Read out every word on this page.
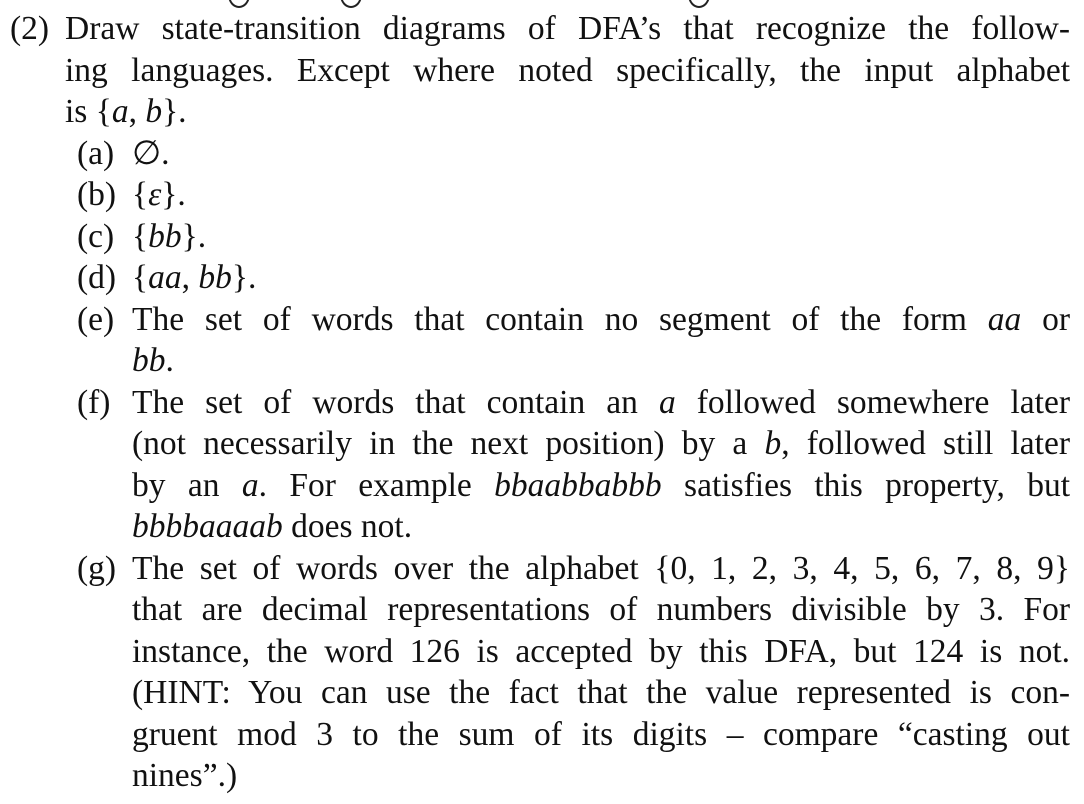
(2) Draw state-transition diagrams of DFA’s that recognize the follow-
ing languages. Except where noted specifically, the input alphabet
is {a, b}.
(a) ∅.
(b) {ε}.
(c) {bb}.
(d) {aa, bb}.
(e) The set of words that contain no segment of the form aa or
bb.
(f) The set of words that contain an a followed somewhere later
(not necessarily in the next position) by a b, followed still later
by an a. For example bbaabbabbb satisfies this property, but
bbbbaaaab does not.
(g) The set of words over the alphabet {0, 1, 2, 3, 4, 5, 6, 7, 8, 9}
that are decimal representations of numbers divisible by 3. For
instance, the word 126 is accepted by this DFA, but 124 is not.
(HINT: You can use the fact that the value represented is con-
gruent mod 3 to the sum of its digits – compare “casting out
nines”.)
